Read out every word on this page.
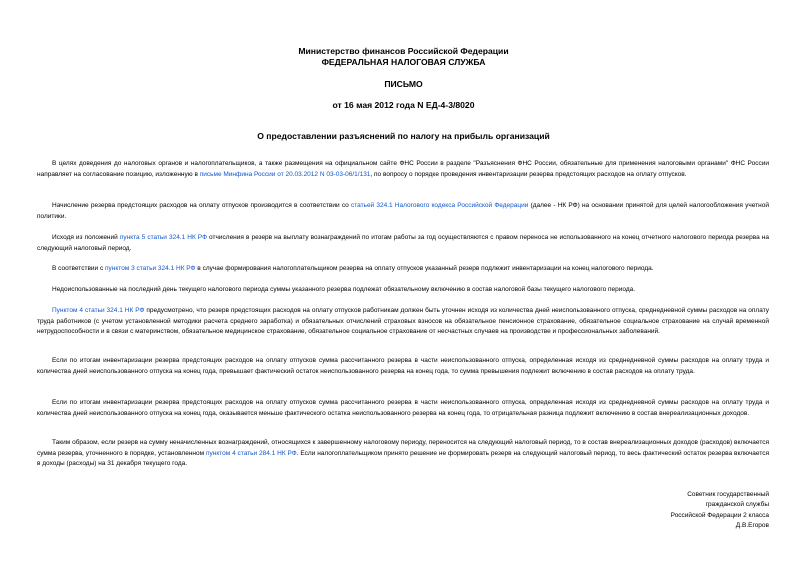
Министерство финансов Российской Федерации
ФЕДЕРАЛЬНАЯ НАЛОГОВАЯ СЛУЖБА
ПИСЬМО
от 16 мая 2012 года N ЕД-4-3/8020
О предоставлении разъяснений по налогу на прибыль организаций
В целях доведения до налоговых органов и налогоплательщиков, а также размещения на официальном сайте ФНС России в разделе "Разъяснения ФНС России, обязательные для применения налоговыми органами" ФНС России направляет на согласование позицию, изложенную в письме Минфина России от 20.03.2012 N 03-03-06/1/131, по вопросу о порядке проведения инвентаризации резерва предстоящих расходов на оплату отпусков.
Начисление резерва предстоящих расходов на оплату отпусков производится в соответствии со статьей 324.1 Налогового кодекса Российской Федерации (далее - НК РФ) на основании принятой для целей налогообложения учетной политики.
Исходя из положений пункта 5 статьи 324.1 НК РФ отчисления в резерв на выплату вознаграждений по итогам работы за год осуществляются с правом переноса не использованного на конец отчетного налогового периода резерва на следующий налоговый период.
В соответствии с пунктом 3 статьи 324.1 НК РФ в случае формирования налогоплательщиком резерва на оплату отпусков указанный резерв подлежит инвентаризации на конец налогового периода.
Недоиспользованные на последний день текущего налогового периода суммы указанного резерва подлежат обязательному включению в состав налоговой базы текущего налогового периода.
Пунктом 4 статьи 324.1 НК РФ предусмотрено, что резерв предстоящих расходов на оплату отпусков работникам должен быть уточнен исходя из количества дней неиспользованного отпуска, среднедневной суммы расходов на оплату труда работников (с учетом установленной методики расчета среднего заработка) и обязательных отчислений страховых взносов на обязательное пенсионное страхование, обязательное социальное страхование на случай временной нетрудоспособности и в связи с материнством, обязательное медицинское страхование, обязательное социальное страхование от несчастных случаев на производстве и профессиональных заболеваний.
Если по итогам инвентаризации резерва предстоящих расходов на оплату отпусков сумма рассчитанного резерва в части неиспользованного отпуска, определенная исходя из среднедневной суммы расходов на оплату труда и количества дней неиспользованного отпуска на конец года, превышает фактический остаток неиспользованного резерва на конец года, то сумма превышения подлежит включению в состав расходов на оплату труда.
Если по итогам инвентаризации резерва предстоящих расходов на оплату отпусков сумма рассчитанного резерва в части неиспользованного отпуска, определенная исходя из среднедневной суммы расходов на оплату труда и количества дней неиспользованного отпуска на конец года, оказывается меньше фактического остатка неиспользованного резерва на конец года, то отрицательная разница подлежит включению в состав внереализационных доходов.
Таким образом, если резерв на сумму неначисленных вознаграждений, относящихся к завершенному налоговому периоду, переносится на следующий налоговый период, то в состав внереализационных доходов (расходов) включается сумма резерва, уточненного в порядке, установленном пунктом 4 статьи 284.1 НК РФ. Если налогоплательщиком принято решение не формировать резерв на следующий налоговый период, то весь фактический остаток резерва включается в доходы (расходы) на 31 декабря текущего года.
Советник государственный
гражданской службы
Российской Федерации 2 класса
Д.В.Егоров
